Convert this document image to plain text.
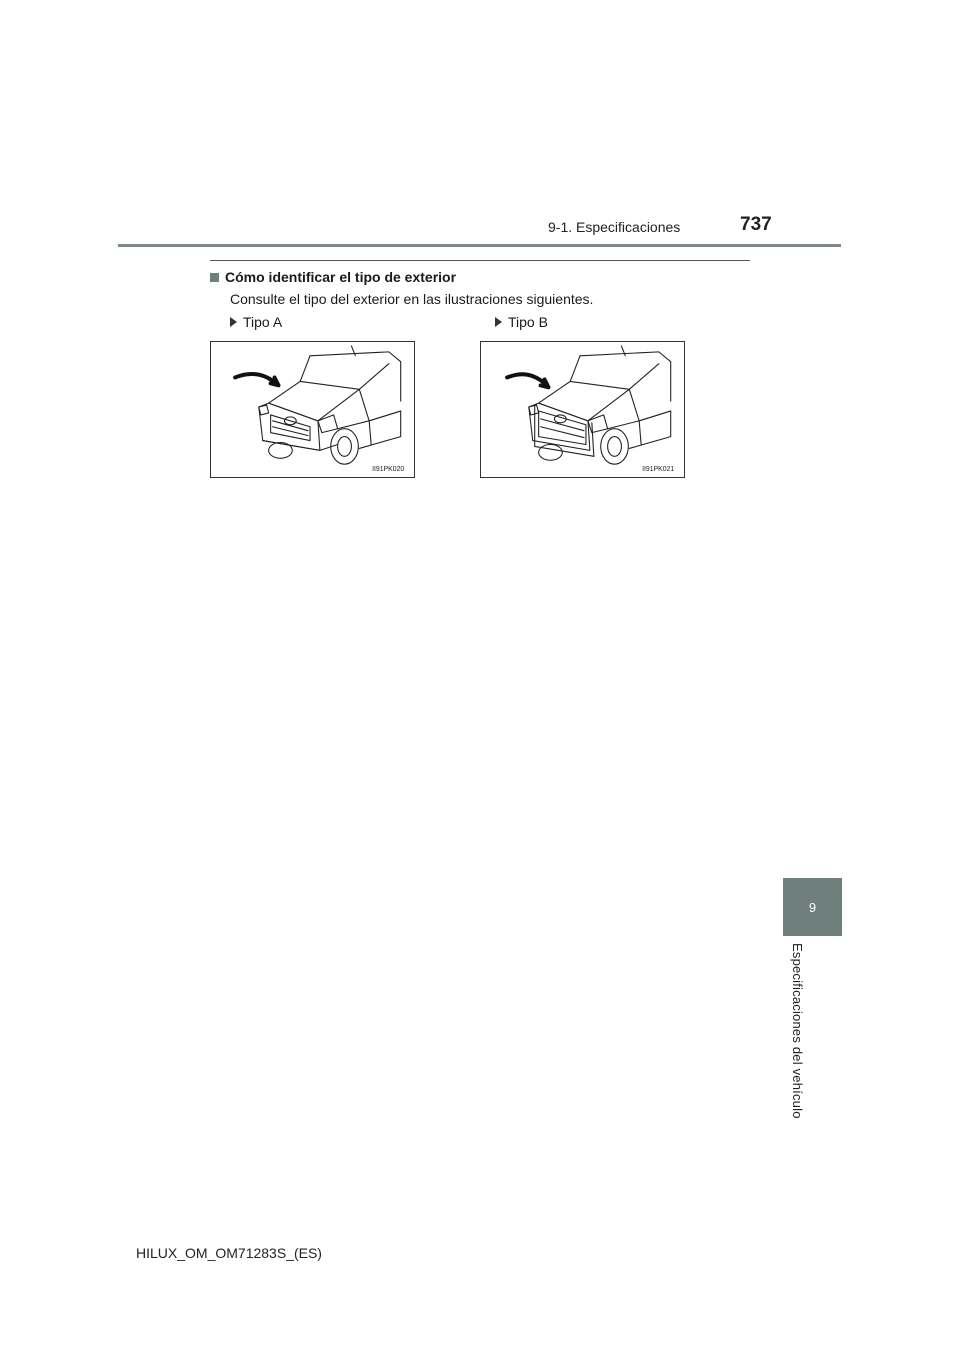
9-1. Especificaciones	737
Cómo identificar el tipo de exterior
Consulte el tipo del exterior en las ilustraciones siguientes.
Tipo A	Tipo B
II91PK020	II91PK021
9
Especificaciones del vehículo
HILUX_OM_OM71283S_(ES)
